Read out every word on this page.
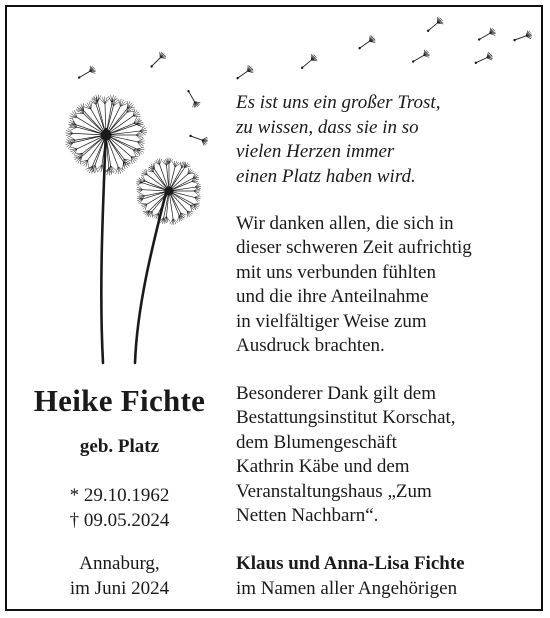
Es ist uns ein großer Trost,
zu wissen, dass sie in so
vielen Herzen immer
einen Platz haben wird.
Wir danken allen, die sich in
dieser schweren Zeit aufrichtig
mit uns verbunden fühlten
und die ihre Anteilnahme
in vielfältiger Weise zum
Ausdruck brachten.
Besonderer Dank gilt dem
Bestattungsinstitut Korschat,
dem Blumengeschäft
Kathrin Käbe und dem
Veranstaltungshaus „Zum
Netten Nachbarn“.
Heike Fichte
geb. Platz
* 29.10.1962
† 09.05.2024
Annaburg,
im Juni 2024
Klaus und Anna-Lisa Fichte
im Namen aller Angehörigen
